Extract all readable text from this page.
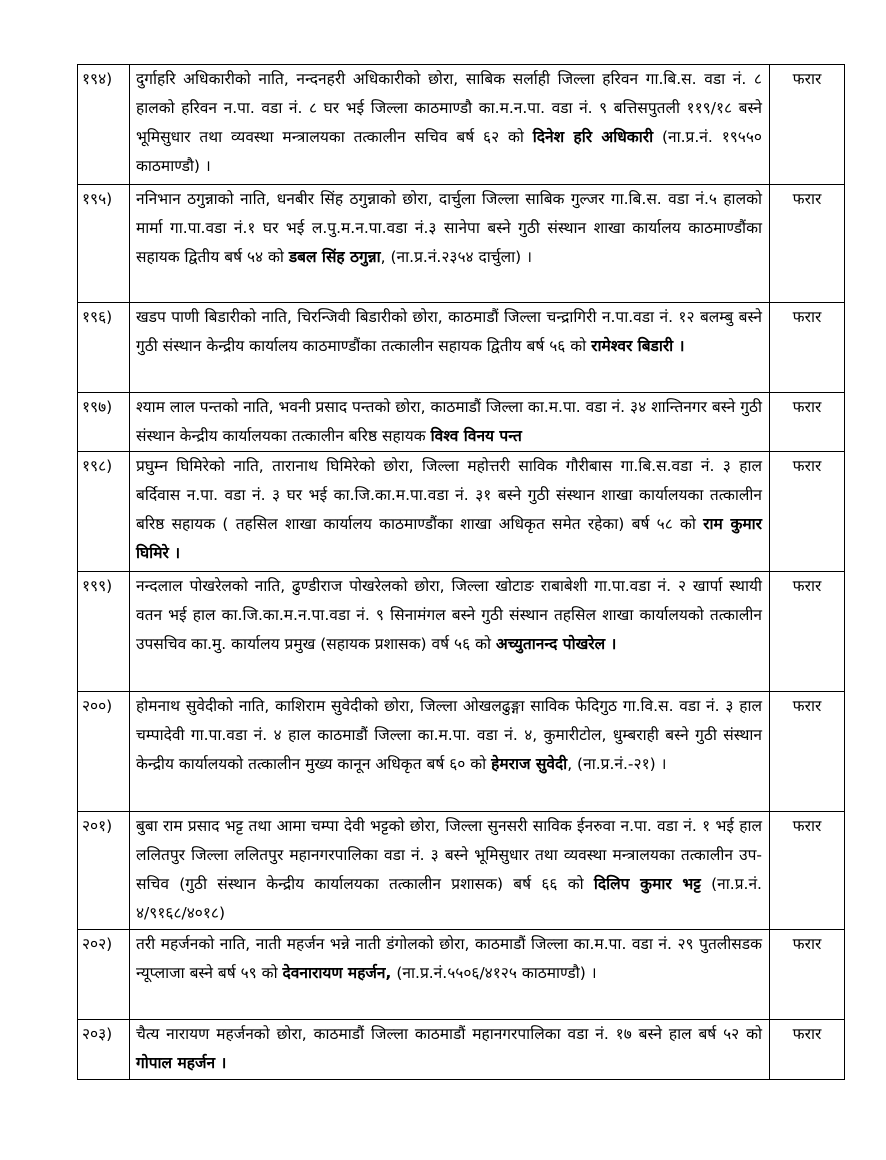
१९४)	दुर्गाहरि अधिकारीको नाति, नन्दनहरी अधिकारीको छोरा, साबिक सर्लाही जिल्ला हरिवन गा.बि.स. वडा नं. ८ हालको हरिवन न.पा. वडा नं. ८ घर भई जिल्ला काठमाण्डौ का.म.न.पा. वडा नं. ९ बत्तिसपुतली ११९/१८ बस्ने भूमिसुधार तथा व्यवस्था मन्त्रालयका तत्कालीन सचिव बर्ष ६२ को दिनेश हरि अधिकारी (ना.प्र.नं. १९५५० काठमाण्डौ) ।	फरार
१९५)	ननिभान ठगुन्नाको नाति, धनबीर सिंह ठगुन्नाको छोरा, दार्चुला जिल्ला साबिक गुल्जर गा.बि.स. वडा नं.५ हालको मार्मा गा.पा.वडा नं.१ घर भई ल.पु.म.न.पा.वडा नं.३ सानेपा बस्ने गुठी संस्थान शाखा कार्यालय काठमाण्डौंका सहायक द्वितीय बर्ष ५४ को डबल सिंह ठगुन्ना, (ना.प्र.नं.२३५४ दार्चुला) ।	फरार
१९६)	खडप पाणी बिडारीको नाति, चिरन्जिवी बिडारीको छोरा, काठमाडौं जिल्ला चन्द्रागिरी न.पा.वडा नं. १२ बलम्बु बस्ने गुठी संस्थान केन्द्रीय कार्यालय काठमाण्डौंका तत्कालीन सहायक द्वितीय बर्ष ५६ को रामेश्वर बिडारी ।	फरार
१९७)	श्याम लाल पन्तको नाति, भवनी प्रसाद पन्तको छोरा, काठमाडौं जिल्ला का.म.पा. वडा नं. ३४ शान्तिनगर बस्ने गुठी संस्थान केन्द्रीय कार्यालयका तत्कालीन बरिष्ठ सहायक विश्व विनय पन्त	फरार
१९८)	प्रघुम्न घिमिरेको नाति, तारानाथ घिमिरेको छोरा, जिल्ला महोत्तरी साविक गौरीबास गा.बि.स.वडा नं. ३ हाल बर्दिवास न.पा. वडा नं. ३ घर भई का.जि.का.म.पा.वडा नं. ३१ बस्ने गुठी संस्थान शाखा कार्यालयका तत्कालीन बरिष्ठ सहायक ( तहसिल शाखा कार्यालय काठमाण्डौंका शाखा अधिकृत समेत रहेका) बर्ष ५८ को राम कुमार घिमिरे ।	फरार
१९९)	नन्दलाल पोखरेलको नाति, ढुण्डीराज पोखरेलको छोरा, जिल्ला खोटाङ राबाबेशी गा.पा.वडा नं. २ खार्पा स्थायी वतन भई हाल का.जि.का.म.न.पा.वडा नं. ९ सिनामंगल बस्ने गुठी संस्थान तहसिल शाखा कार्यालयको तत्कालीन उपसचिव का.मु. कार्यालय प्रमुख (सहायक प्रशासक) वर्ष ५६ को अच्युतानन्द पोखरेल ।	फरार
२००)	होमनाथ सुवेदीको नाति, काशिराम सुवेदीको छोरा, जिल्ला ओखलढुङ्गा साविक फेदिगुठ गा.वि.स. वडा नं. ३ हाल चम्पादेवी गा.पा.वडा नं. ४ हाल काठमाडौं जिल्ला का.म.पा. वडा नं. ४, कुमारीटोल, धुम्बराही बस्ने गुठी संस्थान केन्द्रीय कार्यालयको तत्कालीन मुख्य कानून अधिकृत बर्ष ६० को हेमराज सुवेदी, (ना.प्र.नं.-२१) ।	फरार
२०१)	बुबा राम प्रसाद भट्ट तथा आमा चम्पा देवी भट्टको छोरा, जिल्ला सुनसरी साविक ईनरुवा न.पा. वडा नं. १ भई हाल ललितपुर जिल्ला ललितपुर महानगरपालिका वडा नं. ३ बस्ने भूमिसुधार तथा व्यवस्था मन्त्रालयका तत्कालीन उप-सचिव (गुठी संस्थान केन्द्रीय कार्यालयका तत्कालीन प्रशासक) बर्ष ६६ को दिलिप कुमार भट्ट (ना.प्र.नं. ४/९१६८/४०१८)	फरार
२०२)	तरी महर्जनको नाति, नाती महर्जन भन्ने नाती डंगोलको छोरा, काठमाडौं जिल्ला का.म.पा. वडा नं. २९ पुतलीसडक न्यूप्लाजा बस्ने बर्ष ५९ को देवनारायण महर्जन, (ना.प्र.नं.५५०६/४१२५ काठमाण्डौ) ।	फरार
२०३)	चैत्य नारायण महर्जनको छोरा, काठमाडौं जिल्ला काठमाडौं महानगरपालिका वडा नं. १७ बस्ने हाल बर्ष ५२ को गोपाल महर्जन ।	फरार
